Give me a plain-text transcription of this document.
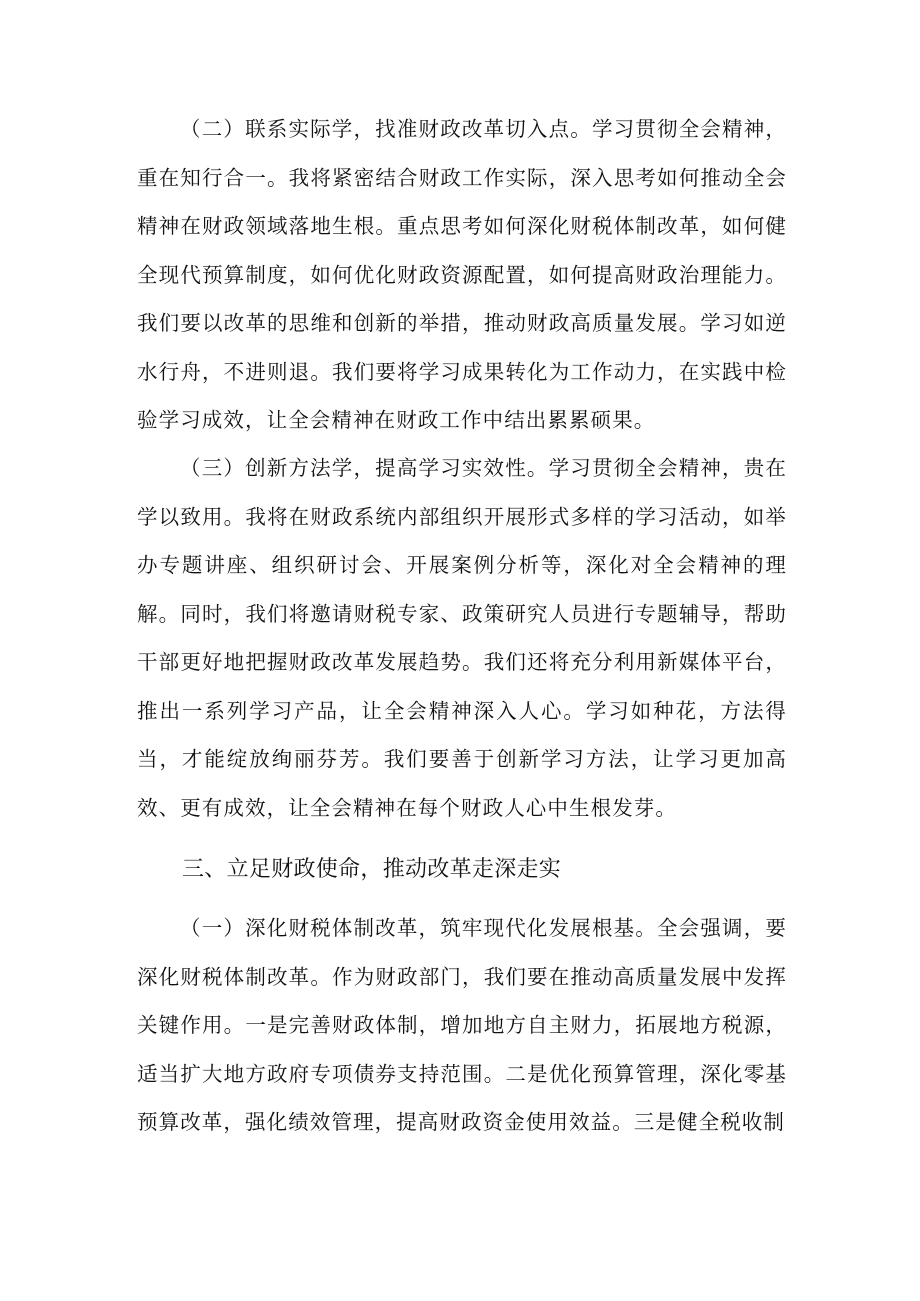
（二）联系实际学，找准财政改革切入点。学习贯彻全会精神，重在知行合一。我将紧密结合财政工作实际，深入思考如何推动全会精神在财政领域落地生根。重点思考如何深化财税体制改革，如何健全现代预算制度，如何优化财政资源配置，如何提高财政治理能力。我们要以改革的思维和创新的举措，推动财政高质量发展。学习如逆水行舟，不进则退。我们要将学习成果转化为工作动力，在实践中检验学习成效，让全会精神在财政工作中结出累累硕果。

（三）创新方法学，提高学习实效性。学习贯彻全会精神，贵在学以致用。我将在财政系统内部组织开展形式多样的学习活动，如举办专题讲座、组织研讨会、开展案例分析等，深化对全会精神的理解。同时，我们将邀请财税专家、政策研究人员进行专题辅导，帮助干部更好地把握财政改革发展趋势。我们还将充分利用新媒体平台，推出一系列学习产品，让全会精神深入人心。学习如种花，方法得当，才能绽放绚丽芬芳。我们要善于创新学习方法，让学习更加高效、更有成效，让全会精神在每个财政人心中生根发芽。

三、立足财政使命，推动改革走深走实

（一）深化财税体制改革，筑牢现代化发展根基。全会强调，要深化财税体制改革。作为财政部门，我们要在推动高质量发展中发挥关键作用。一是完善财政体制，增加地方自主财力，拓展地方税源，适当扩大地方政府专项债券支持范围。二是优化预算管理，深化零基预算改革，强化绩效管理，提高财政资金使用效益。三是健全税收制
